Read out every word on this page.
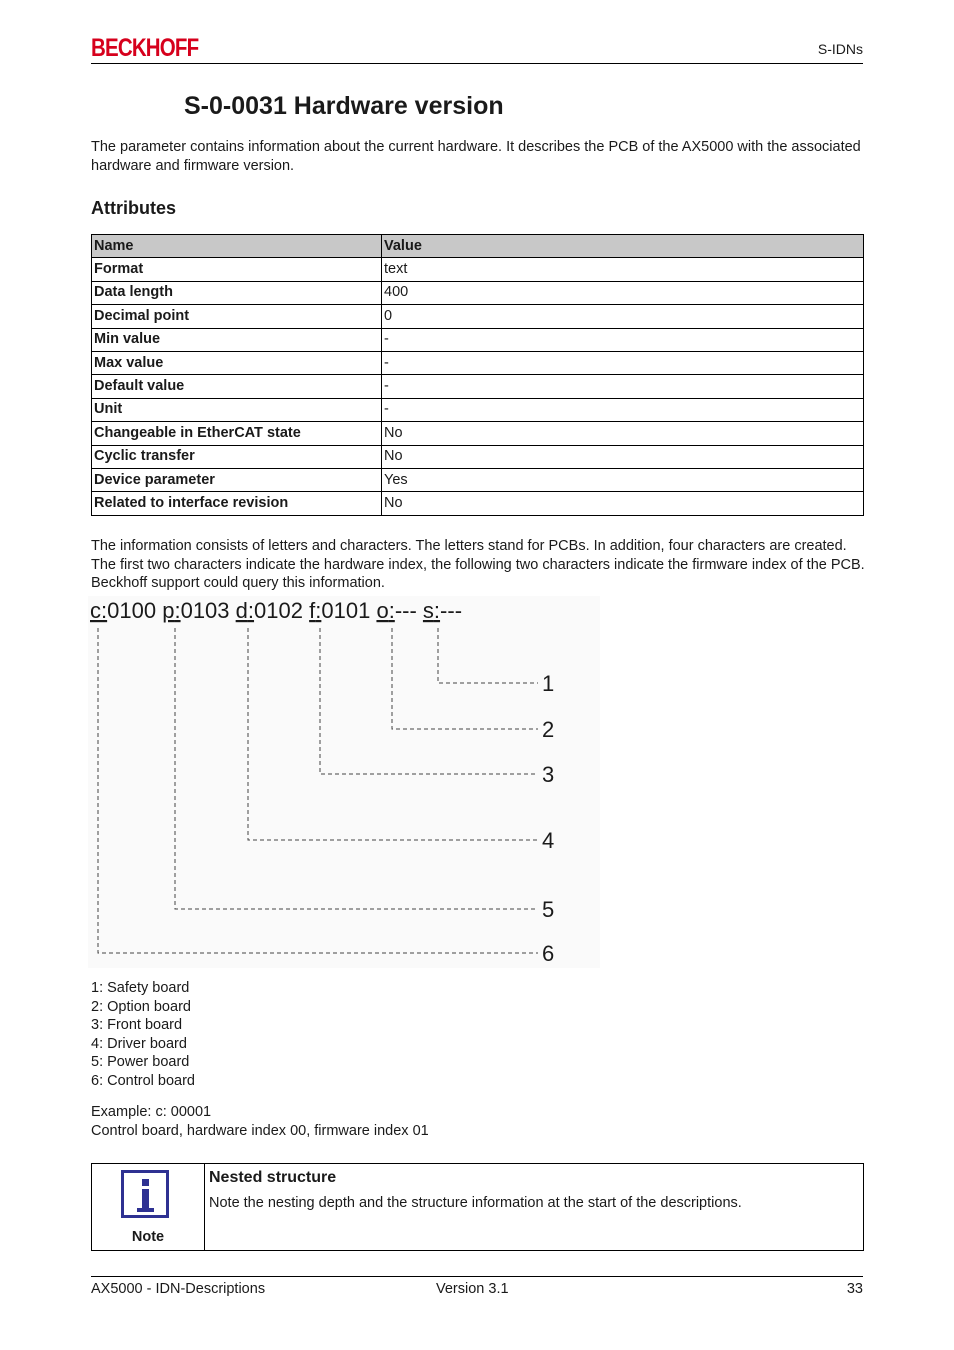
BECKHOFF	S-IDNs
S-0-0031 Hardware version
The parameter contains information about the current hardware. It describes the PCB of the AX5000 with the associated hardware and firmware version.
Attributes
Name	Value
Format	text
Data length	400
Decimal point	0
Min value	-
Max value	-
Default value	-
Unit	-
Changeable in EtherCAT state	No
Cyclic transfer	No
Device parameter	Yes
Related to interface revision	No
The information consists of letters and characters. The letters stand for PCBs. In addition, four characters are created. The first two characters indicate the hardware index, the following two characters indicate the firmware index of the PCB. Beckhoff support could query this information.
c:0100 p:0103 d:0102 f:0101 o:--- s:---
1
2
3
4
5
6
1: Safety board
2: Option board
3: Front board
4: Driver board
5: Power board
6: Control board
Example: c: 00001
Control board, hardware index 00, firmware index 01
Note
Nested structure
Note the nesting depth and the structure information at the start of the descriptions.
AX5000 - IDN-Descriptions	Version 3.1	33
